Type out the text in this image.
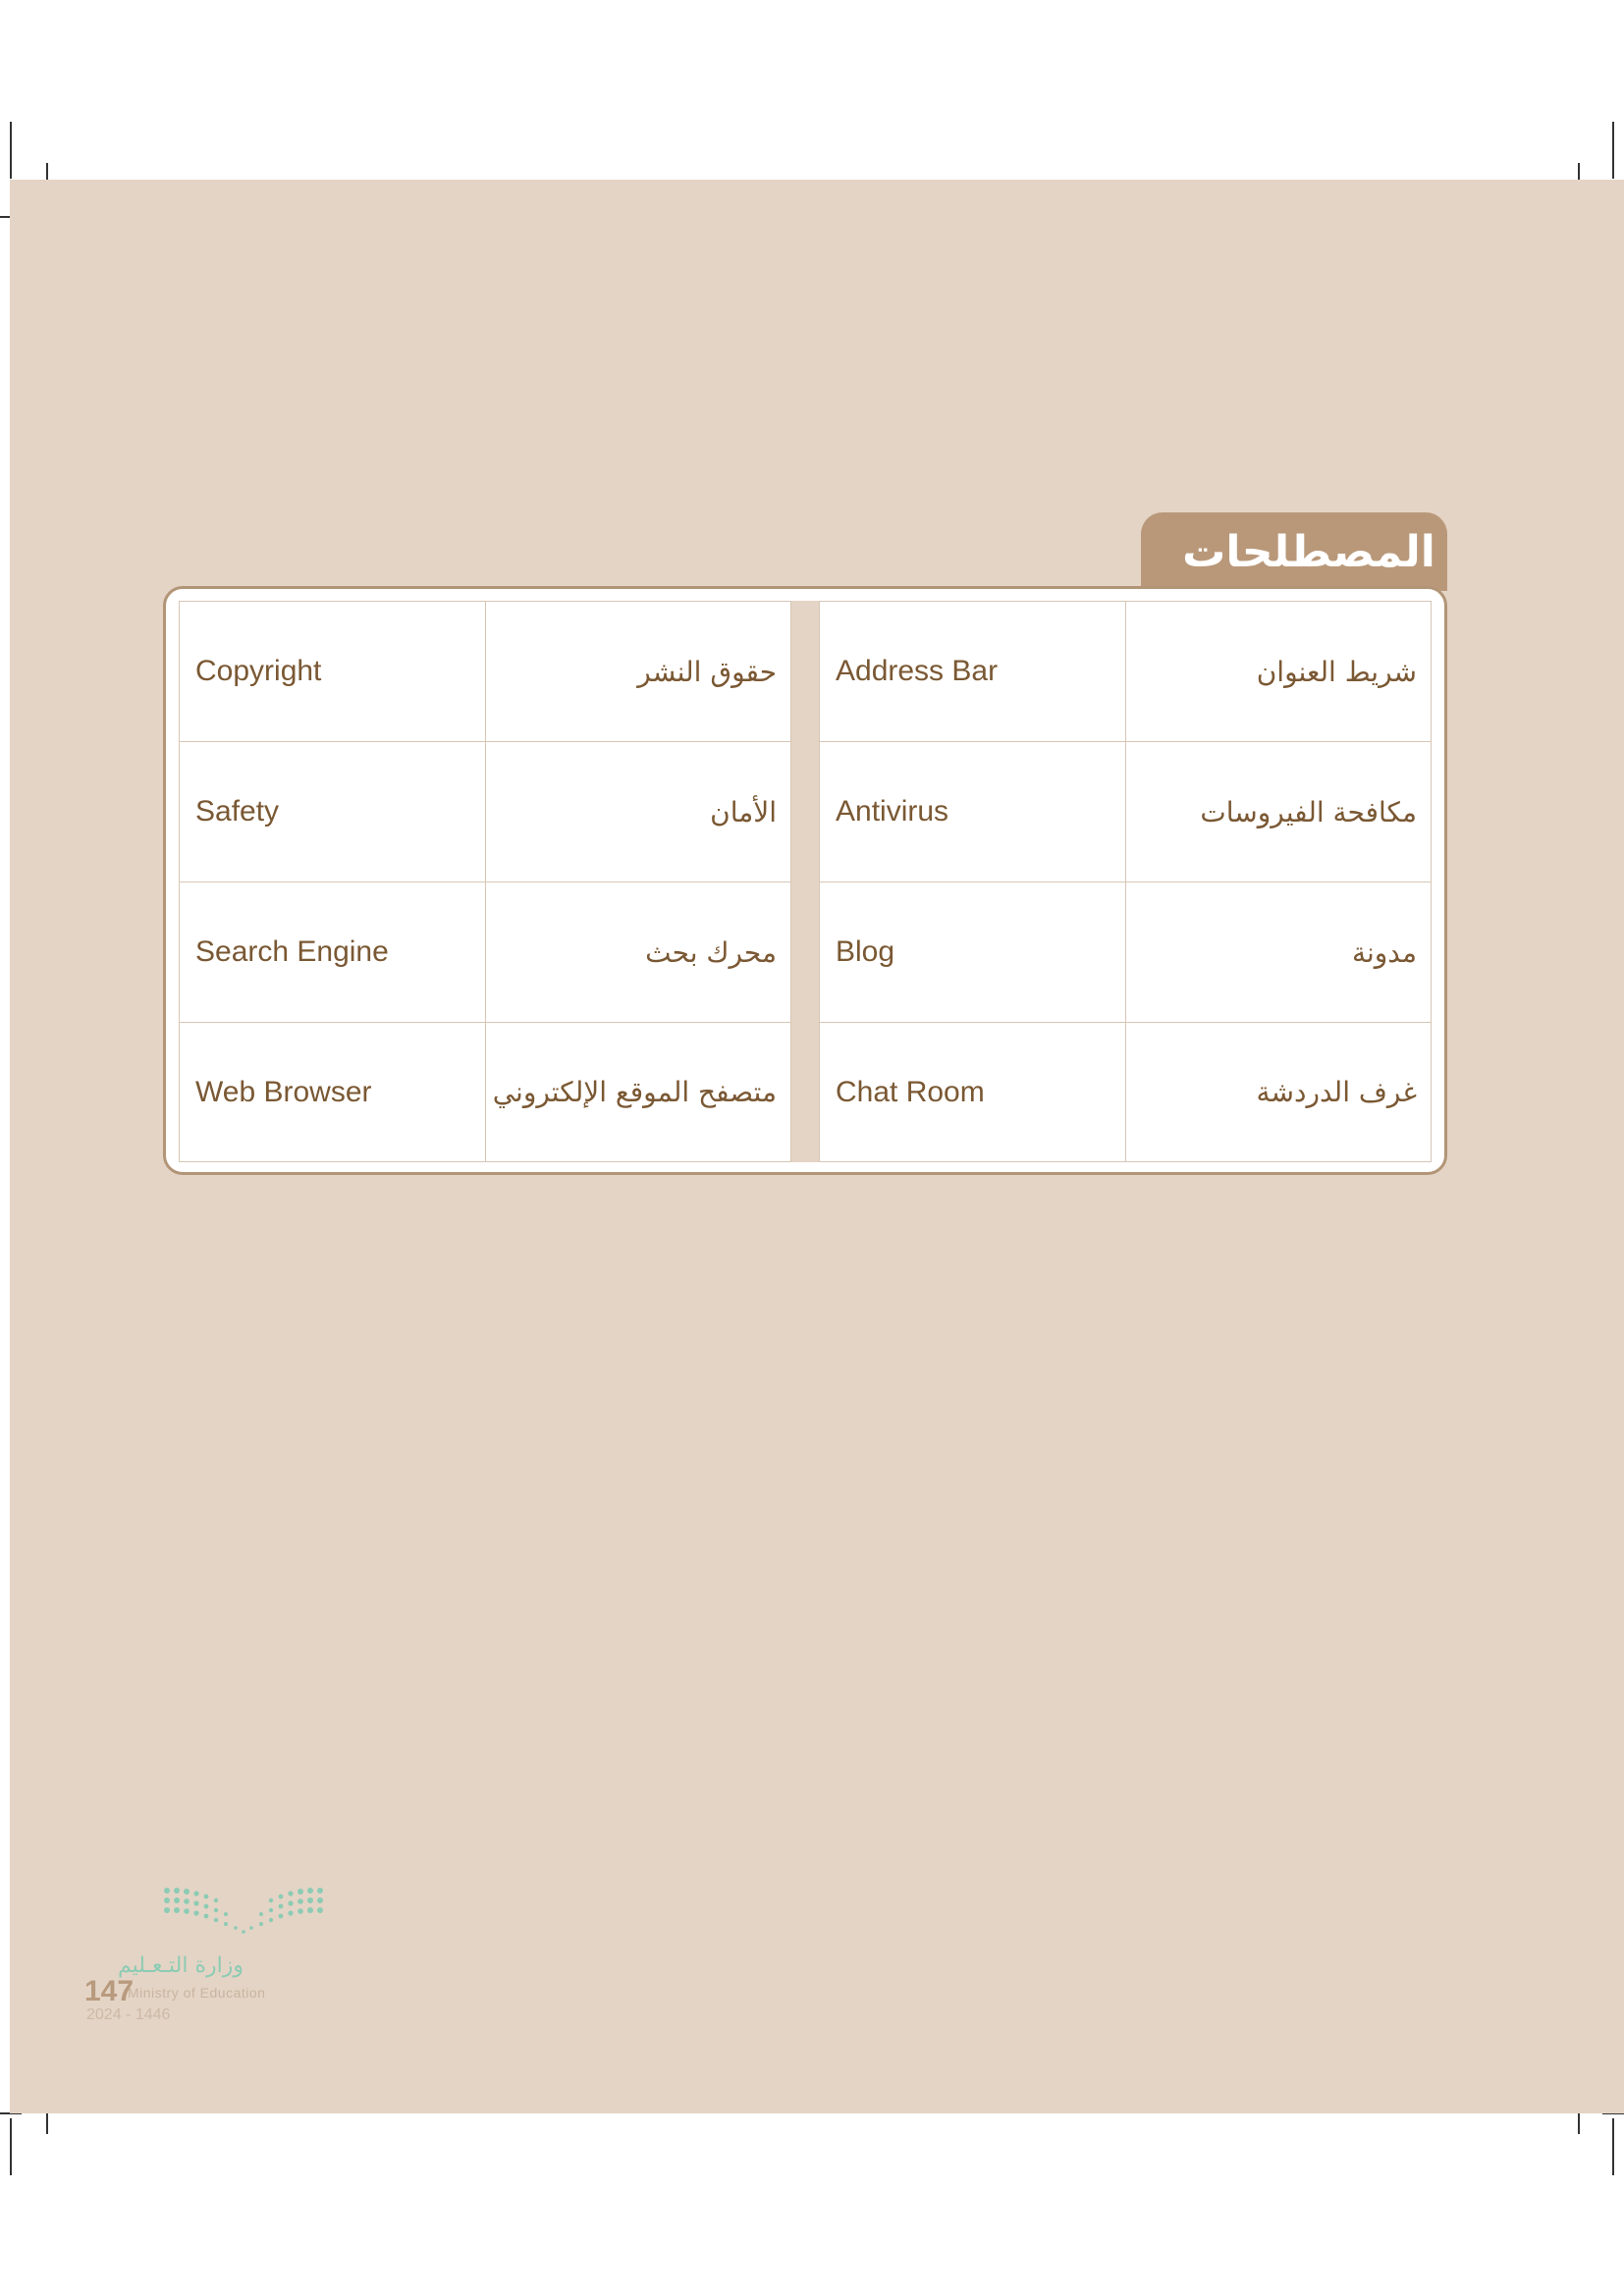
المصطلحات
Copyright	حقوق النشر	Address Bar	شريط العنوان
Safety	الأمان	Antivirus	مكافحة الفيروسات
Search Engine	محرك بحث	Blog	مدونة
Web Browser	متصفح الموقع الإلكتروني	Chat Room	غرف الدردشة
وزارة التـعـليم
Ministry of Education
147
2024 - 1446
